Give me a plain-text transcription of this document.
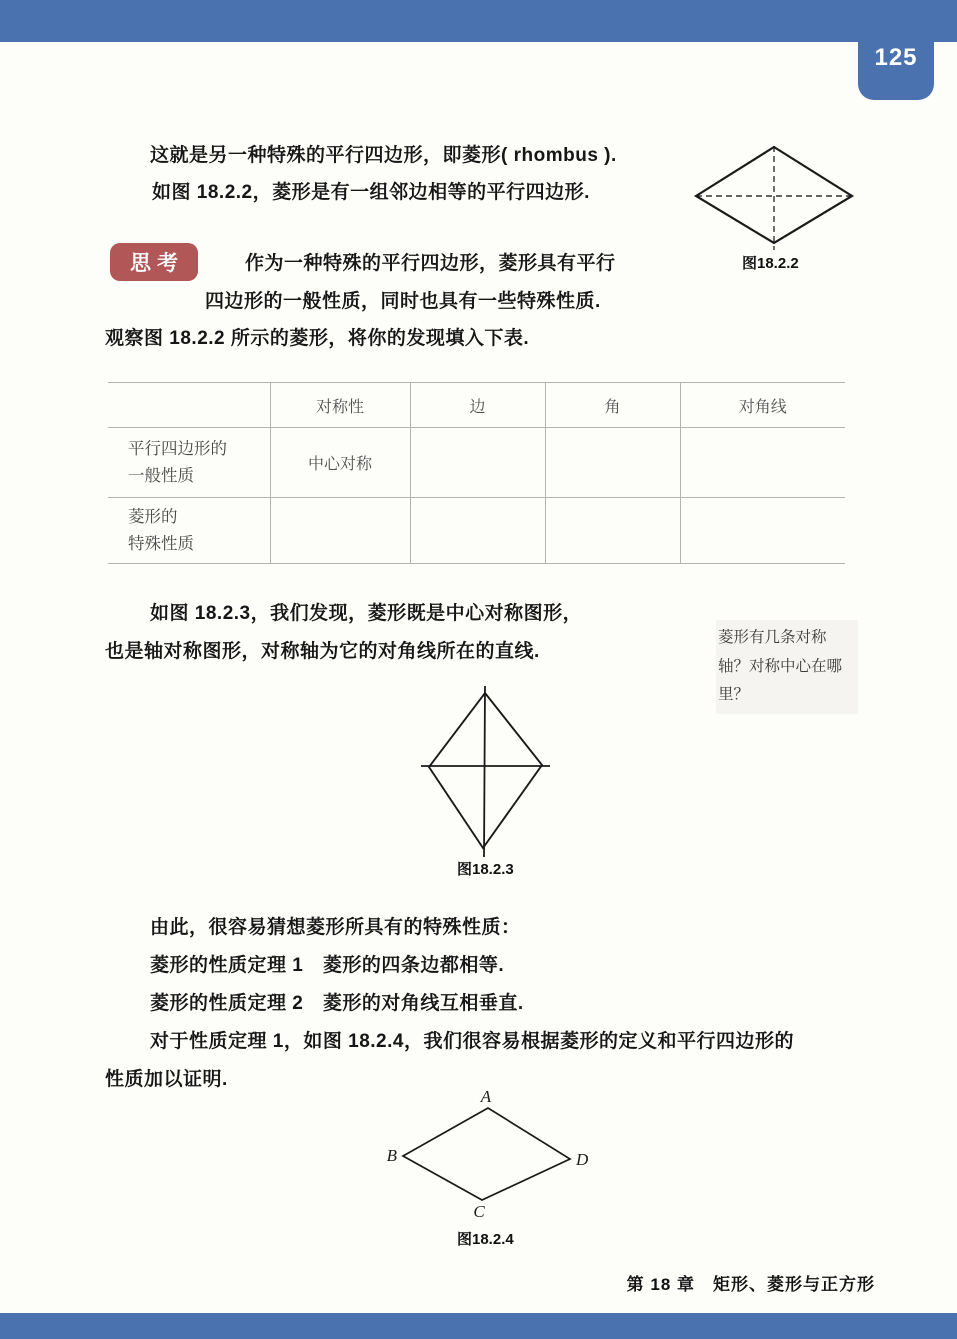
125
这就是另一种特殊的平行四边形，即菱形( rhombus ).
如图 18.2.2，菱形是有一组邻边相等的平行四边形.
图18.2.2
思考	作为一种特殊的平行四边形，菱形具有平行
四边形的一般性质，同时也具有一些特殊性质.
观察图 18.2.2 所示的菱形，将你的发现填入下表.
	对称性	边	角	对角线

平行四边形的
一般性质	中心对称			

菱形的
特殊性质				

如图 18.2.3，我们发现，菱形既是中心对称图形，
也是轴对称图形，对称轴为它的对角线所在的直线.
菱形有几条对称轴？对称中心在哪里？
图18.2.3
由此，很容易猜想菱形所具有的特殊性质：
菱形的性质定理 1　菱形的四条边都相等.
菱形的性质定理 2　菱形的对角线互相垂直.
对于性质定理 1，如图 18.2.4，我们很容易根据菱形的定义和平行四边形的
性质加以证明.
A
B
C
D
图18.2.4
第 18 章　矩形、菱形与正方形
